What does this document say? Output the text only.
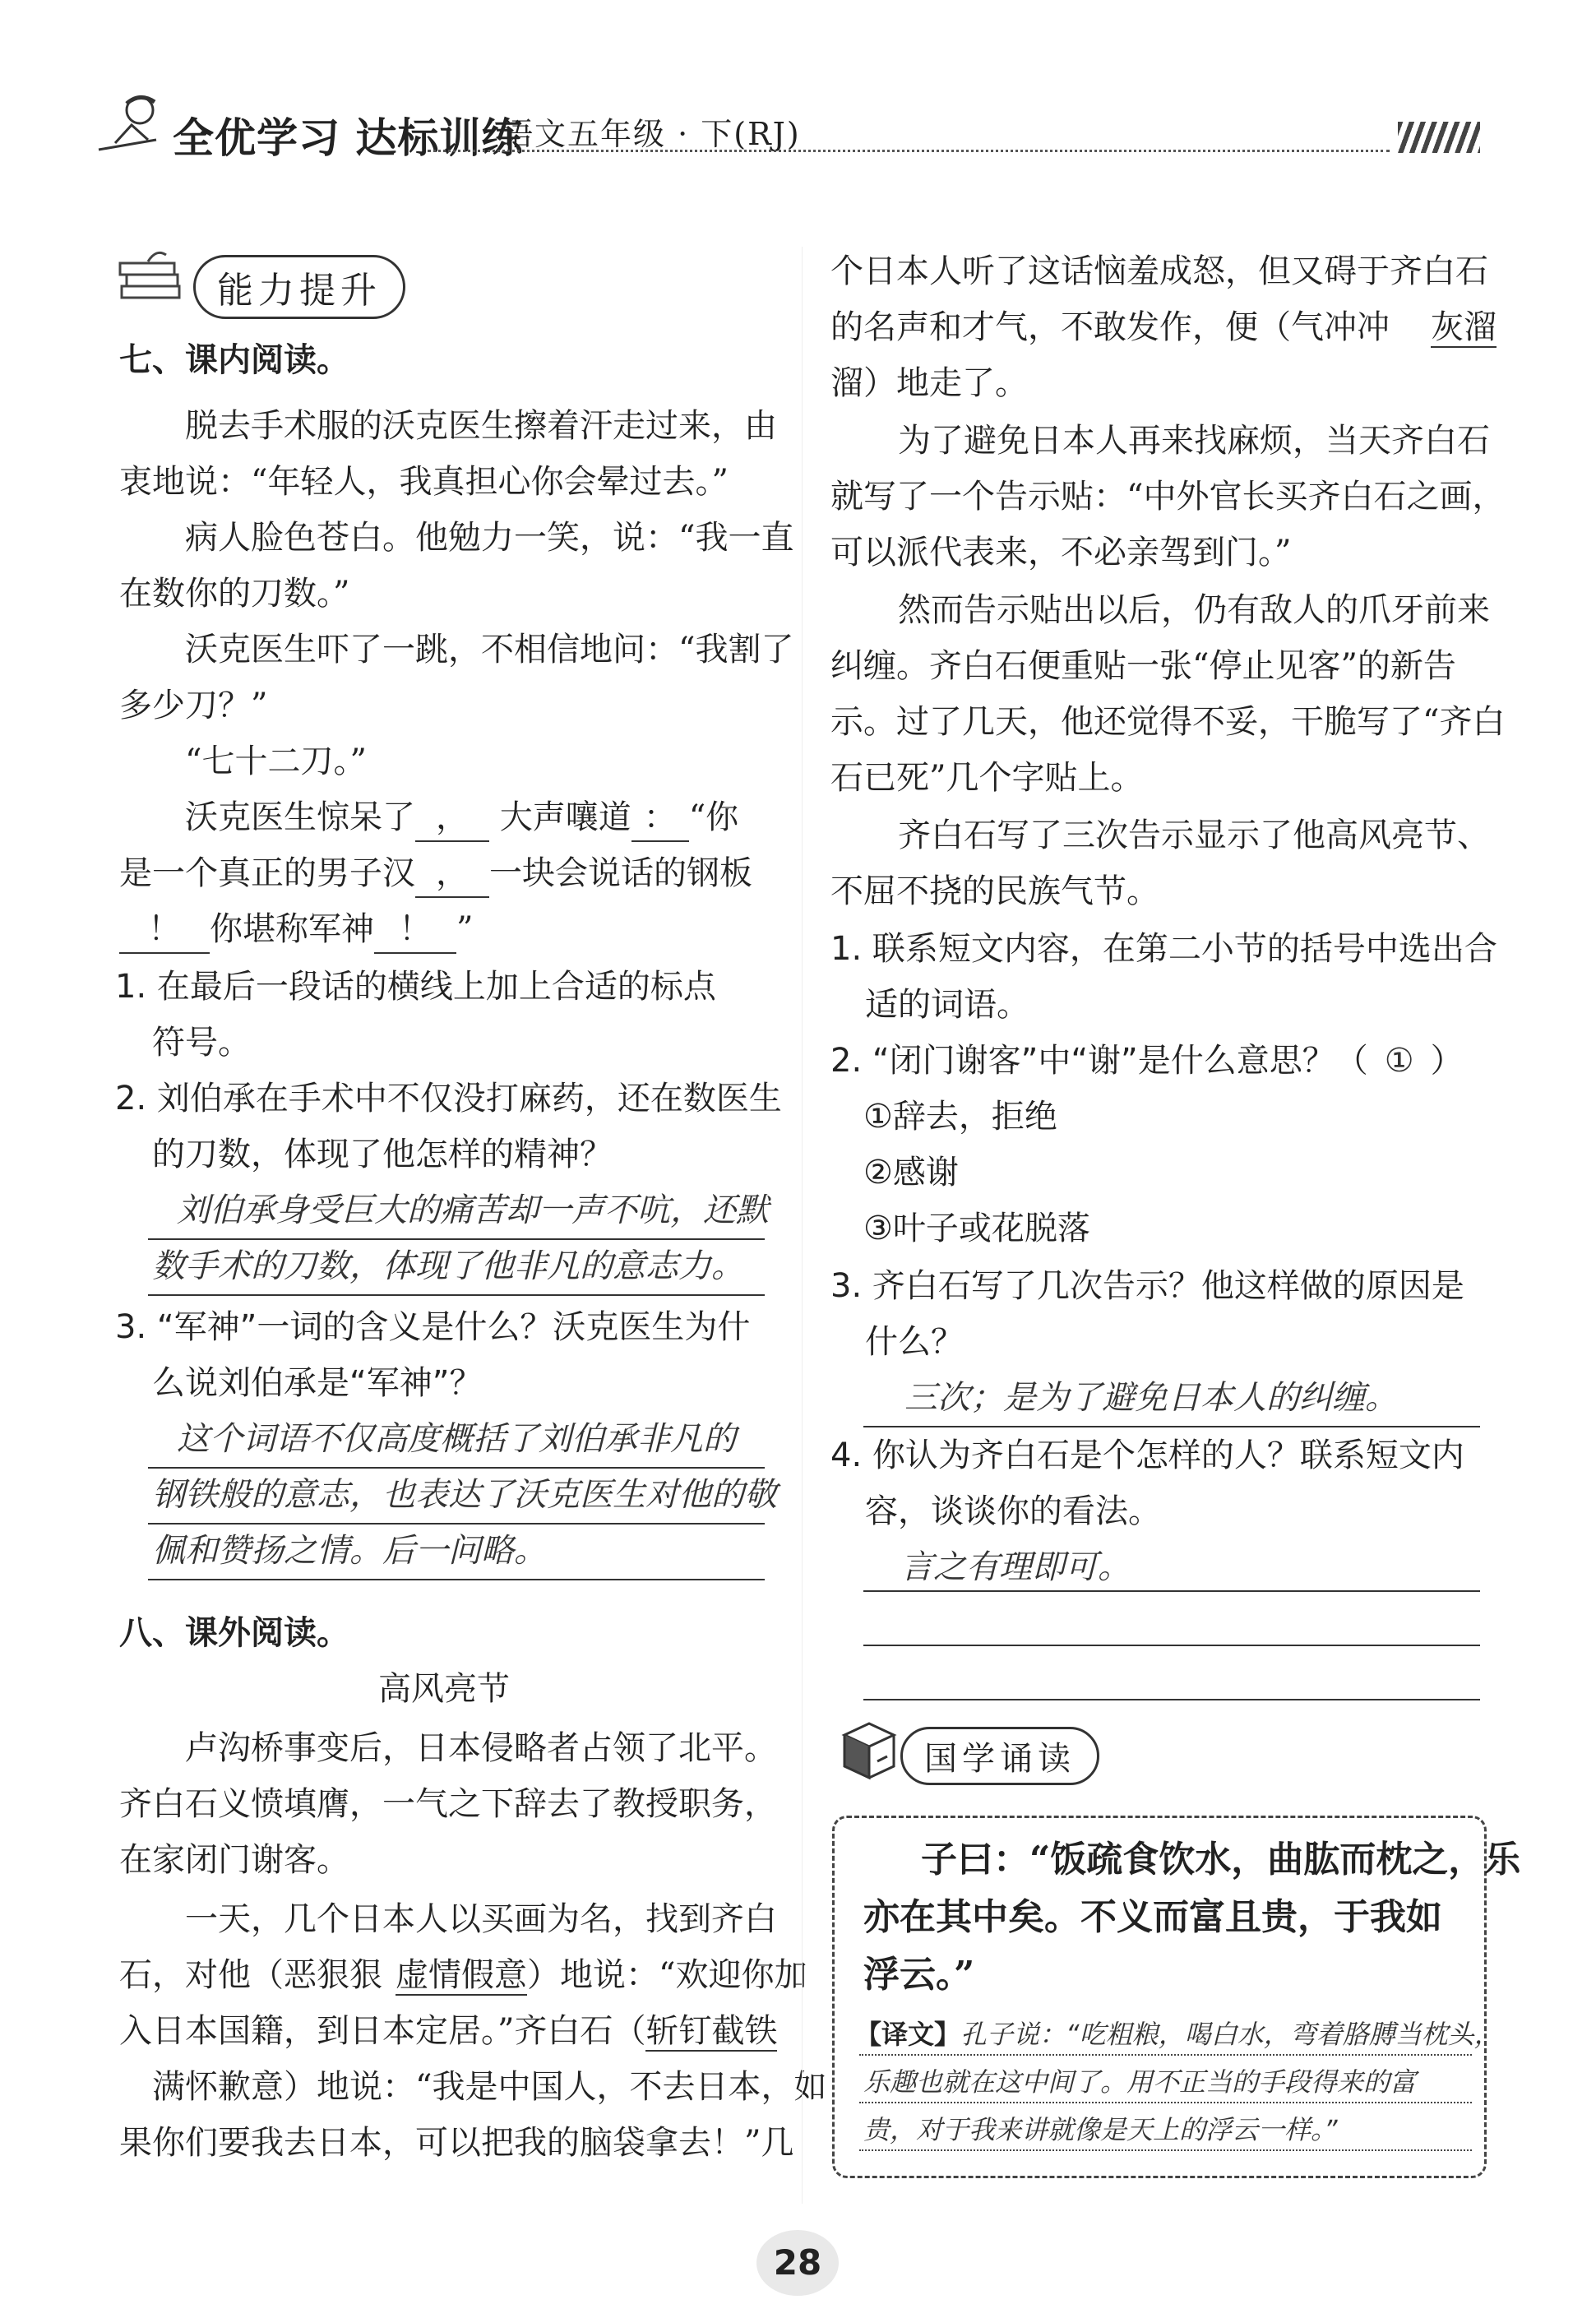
全优学习 达标训练
语文五年级 · 下(RJ)
能力提升
七、课内阅读。
脱去手术服的沃克医生擦着汗走过来，由
衷地说：“年轻人，我真担心你会晕过去。”
病人脸色苍白。他勉力一笑，说：“我一直
在数你的刀数。”
沃克医生吓了一跳，不相信地问：“我割了
多少刀？”
“七十二刀。”
沃克医生惊呆了 ， 大声嚷道 ： “你
是一个真正的男子汉 ， 一块会说话的钢板
！ 你堪称军神 ！ ”
1. 在最后一段话的横线上加上合适的标点
符号。
2. 刘伯承在手术中不仅没打麻药，还在数医生
的刀数，体现了他怎样的精神？
刘伯承身受巨大的痛苦却一声不吭，还默
数手术的刀数，体现了他非凡的意志力。
3. “军神”一词的含义是什么？沃克医生为什
么说刘伯承是“军神”？
这个词语不仅高度概括了刘伯承非凡的
钢铁般的意志，也表达了沃克医生对他的敬
佩和赞扬之情。后一问略。
八、课外阅读。
高风亮节
卢沟桥事变后，日本侵略者占领了北平。
齐白石义愤填膺，一气之下辞去了教授职务，
在家闭门谢客。
一天，几个日本人以买画为名，找到齐白
石，对他（恶狠狠 虚情假意）地说：“欢迎你加
入日本国籍，到日本定居。”齐白石（斩钉截铁
满怀歉意）地说：“我是中国人，不去日本，如
果你们要我去日本，可以把我的脑袋拿去！”几
个日本人听了这话恼羞成怒，但又碍于齐白石
的名声和才气，不敢发作，便（气冲冲 灰溜
溜）地走了。
为了避免日本人再来找麻烦，当天齐白石
就写了一个告示贴：“中外官长买齐白石之画，
可以派代表来，不必亲驾到门。”
然而告示贴出以后，仍有敌人的爪牙前来
纠缠。齐白石便重贴一张“停止见客”的新告
示。过了几天，他还觉得不妥，干脆写了“齐白
石已死”几个字贴上。
齐白石写了三次告示显示了他高风亮节、
不屈不挠的民族气节。
1. 联系短文内容，在第二小节的括号中选出合
适的词语。
2. “闭门谢客”中“谢”是什么意思？（ ① ）
①辞去，拒绝
②感谢
③叶子或花脱落
3. 齐白石写了几次告示？他这样做的原因是
什么？
三次；是为了避免日本人的纠缠。
4. 你认为齐白石是个怎样的人？联系短文内
容，谈谈你的看法。
言之有理即可。
国学诵读
子曰：“饭疏食饮水，曲肱而枕之，乐
亦在其中矣。不义而富且贵，于我如
浮云。”
【译文】孔子说：“吃粗粮，喝白水，弯着胳膊当枕头，
乐趣也就在这中间了。用不正当的手段得来的富
贵，对于我来讲就像是天上的浮云一样。”
28
